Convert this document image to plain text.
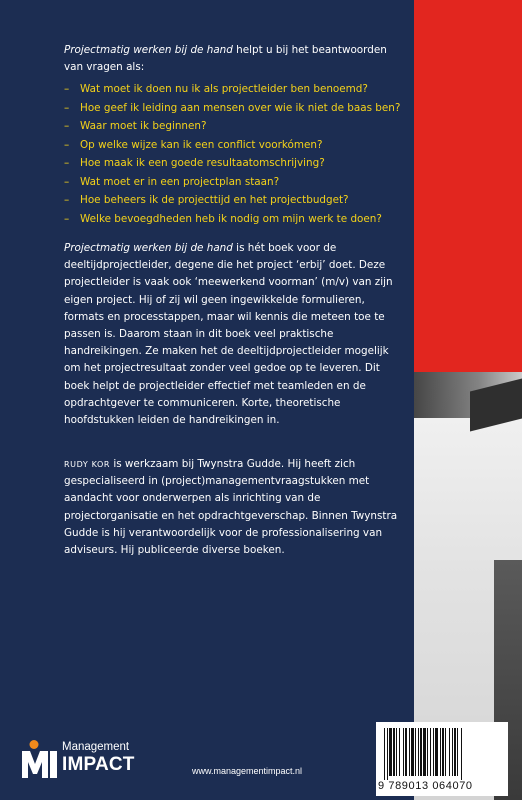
Projectmatig werken bij de hand helpt u bij het beantwoorden van vragen als:

– Wat moet ik doen nu ik als projectleider ben benoemd?
– Hoe geef ik leiding aan mensen over wie ik niet de baas ben?
– Waar moet ik beginnen?
– Op welke wijze kan ik een conflict voorkómen?
– Hoe maak ik een goede resultaatomschrijving?
– Wat moet er in een projectplan staan?
– Hoe beheers ik de projecttijd en het projectbudget?
– Welke bevoegdheden heb ik nodig om mijn werk te doen?

Projectmatig werken bij de hand is hét boek voor de deeltijdprojectleider, degene die het project ‘erbij’ doet. Deze projectleider is vaak ook ‘meewerkend voorman’ (m/v) van zijn eigen project. Hij of zij wil geen ingewikkelde formulieren, formats en processtappen, maar wil kennis die meteen toe te passen is. Daarom staan in dit boek veel praktische handreikingen. Ze maken het de deeltijdprojectleider mogelijk om het projectresultaat zonder veel gedoe op te leveren. Dit boek helpt de projectleider effectief met teamleden en de opdrachtgever te communiceren. Korte, theoretische hoofdstukken leiden de handreikingen in.

RUDY KOR is werkzaam bij Twynstra Gudde. Hij heeft zich gespecialiseerd in (project)managementvraagstukken met aandacht voor onderwerpen als inrichting van de projectorganisatie en het opdrachtgeverschap. Binnen Twynstra Gudde is hij verantwoordelijk voor de professionalisering van adviseurs. Hij publiceerde diverse boeken.

Management
IMPACT	www.managementimpact.nl
9 789013 064070
